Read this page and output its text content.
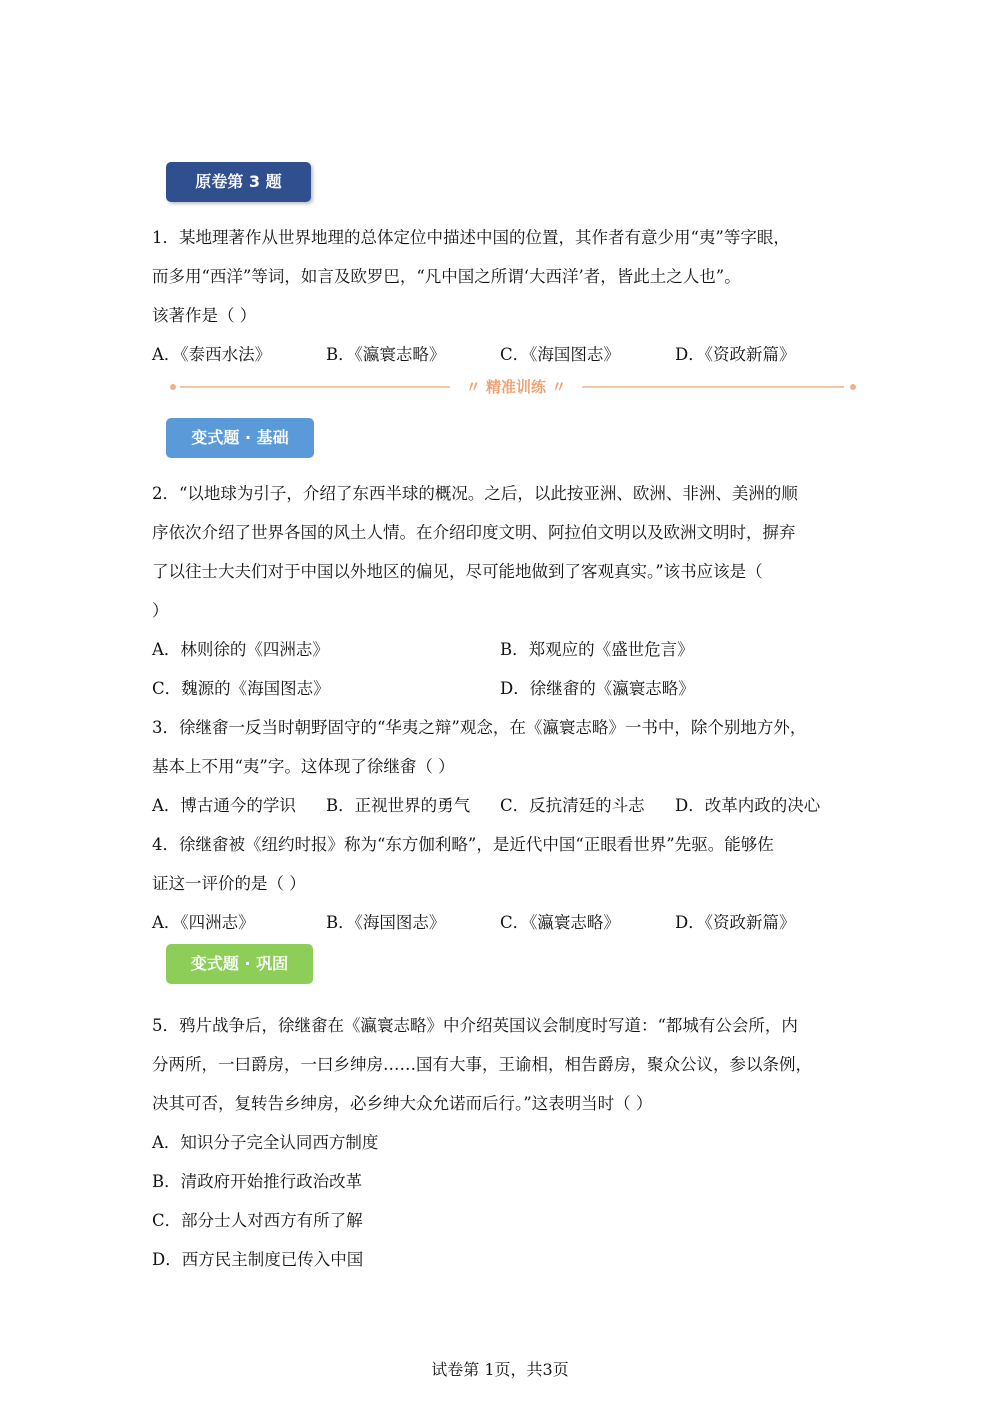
原卷第 3 题
1．某地理著作从世界地理的总体定位中描述中国的位置，其作者有意少用“夷”等字眼，
而多用“西洋”等词，如言及欧罗巴，“凡中国之所谓‘大西洋’者，皆此土之人也”。
该著作是（ ）
A．《泰西水法》	B．《瀛寰志略》	C．《海国图志》	D．《资政新篇》
〃 精准训练 〃
变式题 · 基础
2．“以地球为引子，介绍了东西半球的概况。之后，以此按亚洲、欧洲、非洲、美洲的顺
序依次介绍了世界各国的风土人情。在介绍印度文明、阿拉伯文明以及欧洲文明时，摒弃
了以往士大夫们对于中国以外地区的偏见，尽可能地做到了客观真实。”该书应该是（
）
A．林则徐的《四洲志》	B．郑观应的《盛世危言》
C．魏源的《海国图志》	D．徐继畬的《瀛寰志略》
3．徐继畬一反当时朝野固守的“华夷之辩”观念，在《瀛寰志略》一书中，除个别地方外，
基本上不用“夷”字。这体现了徐继畬（ ）
A．博古通今的学识 B．正视世界的勇气 C．反抗清廷的斗志 D．改革内政的决心
4．徐继畬被《纽约时报》称为“东方伽利略”，是近代中国“正眼看世界”先驱。能够佐
证这一评价的是（ ）
A．《四洲志》	B．《海国图志》	C．《瀛寰志略》	D．《资政新篇》
变式题 · 巩固
5．鸦片战争后，徐继畬在《瀛寰志略》中介绍英国议会制度时写道：“都城有公会所，内
分两所，一曰爵房，一曰乡绅房……国有大事，王谕相，相告爵房，聚众公议，参以条例，
决其可否，复转告乡绅房，必乡绅大众允诺而后行。”这表明当时（ ）
A．知识分子完全认同西方制度
B．清政府开始推行政治改革
C．部分士人对西方有所了解
D．西方民主制度已传入中国
试卷第 1页，共3页
